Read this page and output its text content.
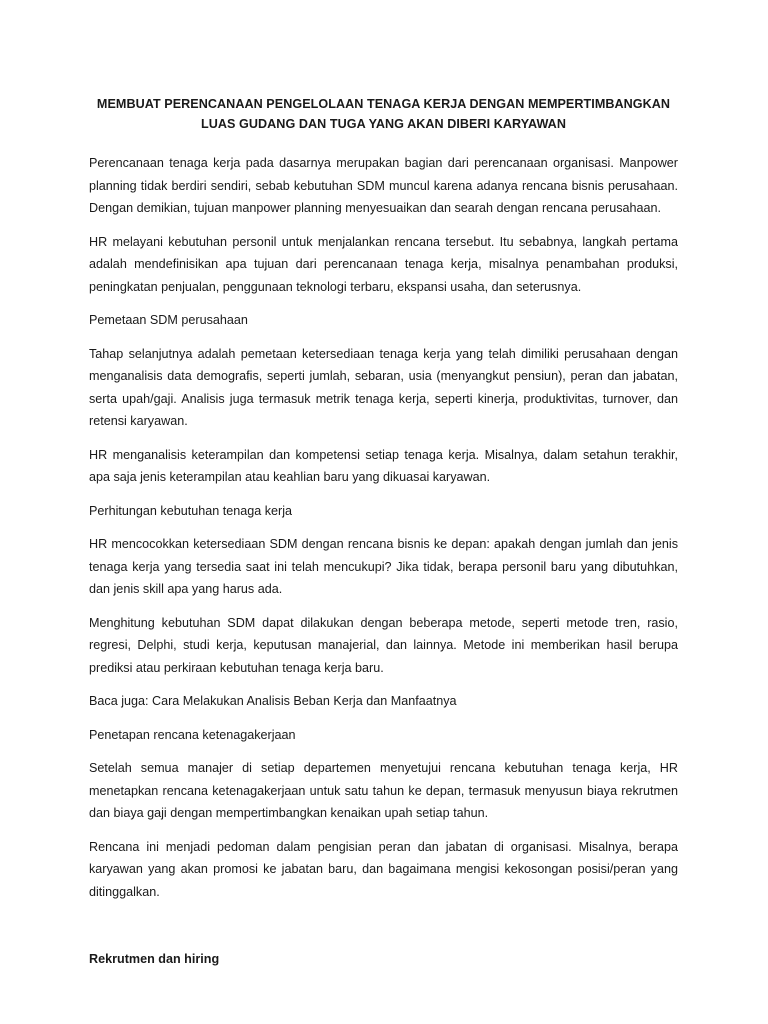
MEMBUAT PERENCANAAN PENGELOLAAN TENAGA KERJA DENGAN MEMPERTIMBANGKAN LUAS GUDANG DAN TUGA YANG AKAN DIBERI KARYAWAN

Perencanaan tenaga kerja pada dasarnya merupakan bagian dari perencanaan organisasi. Manpower planning tidak berdiri sendiri, sebab kebutuhan SDM muncul karena adanya rencana bisnis perusahaan. Dengan demikian, tujuan manpower planning menyesuaikan dan searah dengan rencana perusahaan.

HR melayani kebutuhan personil untuk menjalankan rencana tersebut. Itu sebabnya, langkah pertama adalah mendefinisikan apa tujuan dari perencanaan tenaga kerja, misalnya penambahan produksi, peningkatan penjualan, penggunaan teknologi terbaru, ekspansi usaha, dan seterusnya.

Pemetaan SDM perusahaan

Tahap selanjutnya adalah pemetaan ketersediaan tenaga kerja yang telah dimiliki perusahaan dengan menganalisis data demografis, seperti jumlah, sebaran, usia (menyangkut pensiun), peran dan jabatan, serta upah/gaji. Analisis juga termasuk metrik tenaga kerja, seperti kinerja, produktivitas, turnover, dan retensi karyawan.

HR menganalisis keterampilan dan kompetensi setiap tenaga kerja. Misalnya, dalam setahun terakhir, apa saja jenis keterampilan atau keahlian baru yang dikuasai karyawan.

Perhitungan kebutuhan tenaga kerja

HR mencocokkan ketersediaan SDM dengan rencana bisnis ke depan: apakah dengan jumlah dan jenis tenaga kerja yang tersedia saat ini telah mencukupi? Jika tidak, berapa personil baru yang dibutuhkan, dan jenis skill apa yang harus ada.

Menghitung kebutuhan SDM dapat dilakukan dengan beberapa metode, seperti metode tren, rasio, regresi, Delphi, studi kerja, keputusan manajerial, dan lainnya. Metode ini memberikan hasil berupa prediksi atau perkiraan kebutuhan tenaga kerja baru.

Baca juga: Cara Melakukan Analisis Beban Kerja dan Manfaatnya

Penetapan rencana ketenagakerjaan

Setelah semua manajer di setiap departemen menyetujui rencana kebutuhan tenaga kerja, HR menetapkan rencana ketenagakerjaan untuk satu tahun ke depan, termasuk menyusun biaya rekrutmen dan biaya gaji dengan mempertimbangkan kenaikan upah setiap tahun.

Rencana ini menjadi pedoman dalam pengisian peran dan jabatan di organisasi. Misalnya, berapa karyawan yang akan promosi ke jabatan baru, dan bagaimana mengisi kekosongan posisi/peran yang ditinggalkan.

Rekrutmen dan hiring
